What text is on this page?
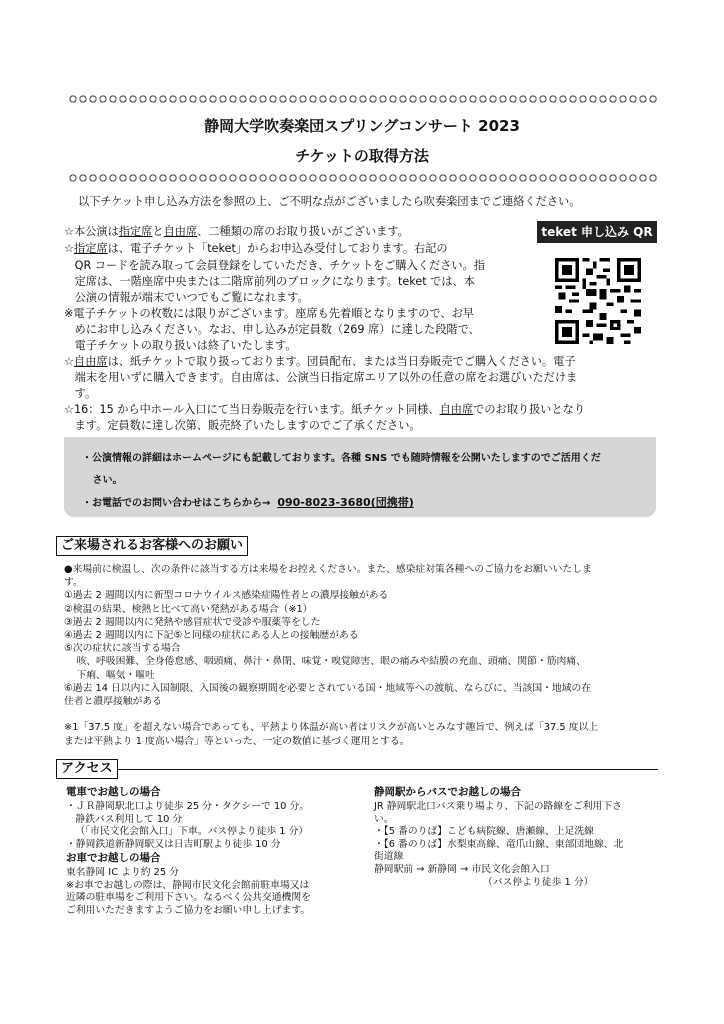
静岡大学吹奏楽団スプリングコンサート 2023
チケットの取得方法
以下チケット申し込み方法を参照の上、ご不明な点がございましたら吹奏楽団までご連絡ください。
teket 申し込み QR
☆本公演は指定席と自由席、二種類の席のお取り扱いがございます。
☆指定席は、電子チケット「teket」からお申込み受付しております。右記の
QR コードを読み取って会員登録をしていただき、チケットをご購入ください。指
定席は、一階座席中央または二階席前列のブロックになります。teket では、本
公演の情報が端末でいつでもご覧になれます。
※電子チケットの枚数には限りがございます。座席も先着順となりますので、お早
めにお申し込みください。なお、申し込みが定員数（269 席）に達した段階で、
電子チケットの取り扱いは終了いたします。
☆自由席は、紙チケットで取り扱っております。団員配布、または当日券販売でご購入ください。電子
端末を用いずに購入できます。自由席は、公演当日指定席エリア以外の任意の席をお選びいただけま
す。
☆16：15 から中ホール入口にて当日券販売を行います。紙チケット同様、自由席でのお取り扱いとなり
ます。定員数に達し次第、販売終了いたしますのでご了承ください。
・公演情報の詳細はホームページにも記載しております。各種 SNS でも随時情報を公開いたしますのでご活用くだ
さい。
・お電話でのお問い合わせはこちらから→  090-8023-3680(団携帯)
ご来場されるお客様へのお願い
●来場前に検温し、次の条件に該当する方は来場をお控えください。また、感染症対策各種へのご協力をお願いいたしま
す。
①過去 2 週間以内に新型コロナウイルス感染症陽性者との濃厚接触がある
②検温の結果、検熱と比べて高い発熱がある場合（※1）
③過去 2 週間以内に発熱や感冒症状で受診や服薬等をした
④過去 2 週間以内に下記⑤と同様の症状にある人との接触歴がある
⑤次の症状に該当する場合
咳、呼吸困難、全身倦怠感、咽頭痛、鼻汁・鼻閉、味覚・嗅覚障害、眼の痛みや結膜の充血、頭痛、関節・筋肉痛、
下痢、嘔気・嘔吐
⑥過去 14 日以内に入国制限、入国後の観察期間を必要とされている国・地域等への渡航、ならびに、当該国・地域の在
住者と濃厚接触がある
※1「37.5 度」を超えない場合であっても、平熱より体温が高い者はリスクが高いとみなす趣旨で、例えば「37.5 度以上
または平熱より 1 度高い場合」等といった、一定の数値に基づく運用とする。
アクセス
電車でお越しの場合
・ＪＲ静岡駅北口より徒歩 25 分・タクシーで 10 分。
静鉄バス利用して 10 分
（「市民文化会館入口」下車。バス停より徒歩 1 分）
・静岡鉄道新静岡駅又は日吉町駅より徒歩 10 分
お車でお越しの場合
東名静岡 IC より約 25 分
※お車でお越しの際は、静岡市民文化会館前駐車場又は
近隣の駐車場をご利用下さい。なるべく公共交通機関を
ご利用いただきますようご協力をお願い申し上げます。
静岡駅からバスでお越しの場合
JR 静岡駅北口バス乗り場より、下記の路線をご利用下さ
い。
・【5 番のりば】こども病院線、唐瀬線、上足洗線
・【6 番のりば】水梨東高線、竜爪山線、東部団地線、北
街道線
静岡駅前 → 新静岡 → 市民文化会館入口
（バス停より徒歩 1 分）
